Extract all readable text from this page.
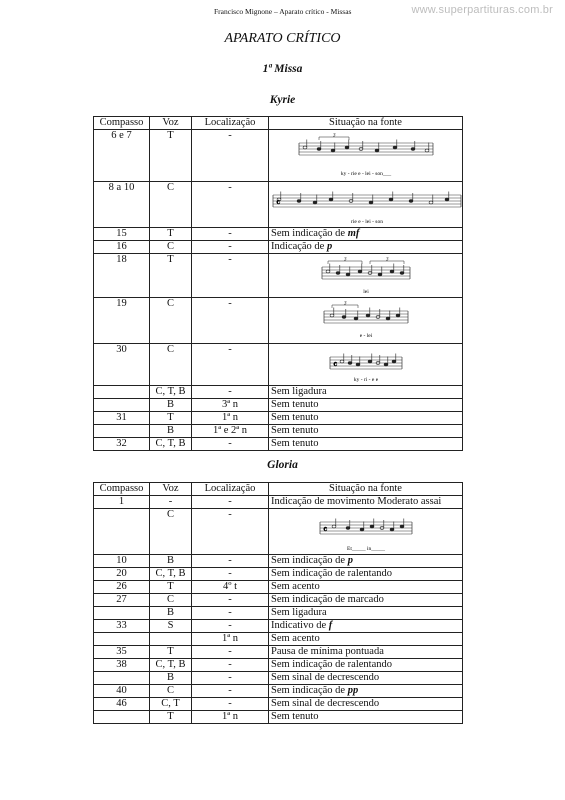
Francisco Mignone – Aparato crítico - Missas	www.superpartituras.com.br
APARATO CRÍTICO
1ª Missa
Kyrie
Compasso	Voz	Localização	Situação na fonte
6 e 7	T	-	3
ky - rie e - lei - son___

8 a 10	C	-	𝄴
rie e - lei - son

15	T	-	Sem indicação de mf
16	C	-	Indicação de p
18	T	-	3 3
lei

19	C	-	3
e - lei

30	C	-	𝄴
ky - ri - e e

	C, T, B	-	Sem ligadura
	B	3ª n	Sem tenuto
31	T	1ª n	Sem tenuto
	B	1ª e 2ª n	Sem tenuto
32	C, T, B	-	Sem tenuto
Gloria
Compasso	Voz	Localização	Situação na fonte
1	-	-	Indicação de movimento Moderato assai
	C	-	𝄴
Et_____ in_____

10	B	-	Sem indicação de p
20	C, T, B	-	Sem indicação de ralentando
26	T	4º t	Sem acento
27	C	-	Sem indicação de marcado
	B	-	Sem ligadura
33	S	-	Indicativo de f
		1ª n	Sem acento
35	T	-	Pausa de mínima pontuada
38	C, T, B	-	Sem indicação de ralentando
	B	-	Sem sinal de decrescendo
40	C	-	Sem indicação de pp
46	C, T	-	Sem sinal de decrescendo
	T	1ª n	Sem tenuto
